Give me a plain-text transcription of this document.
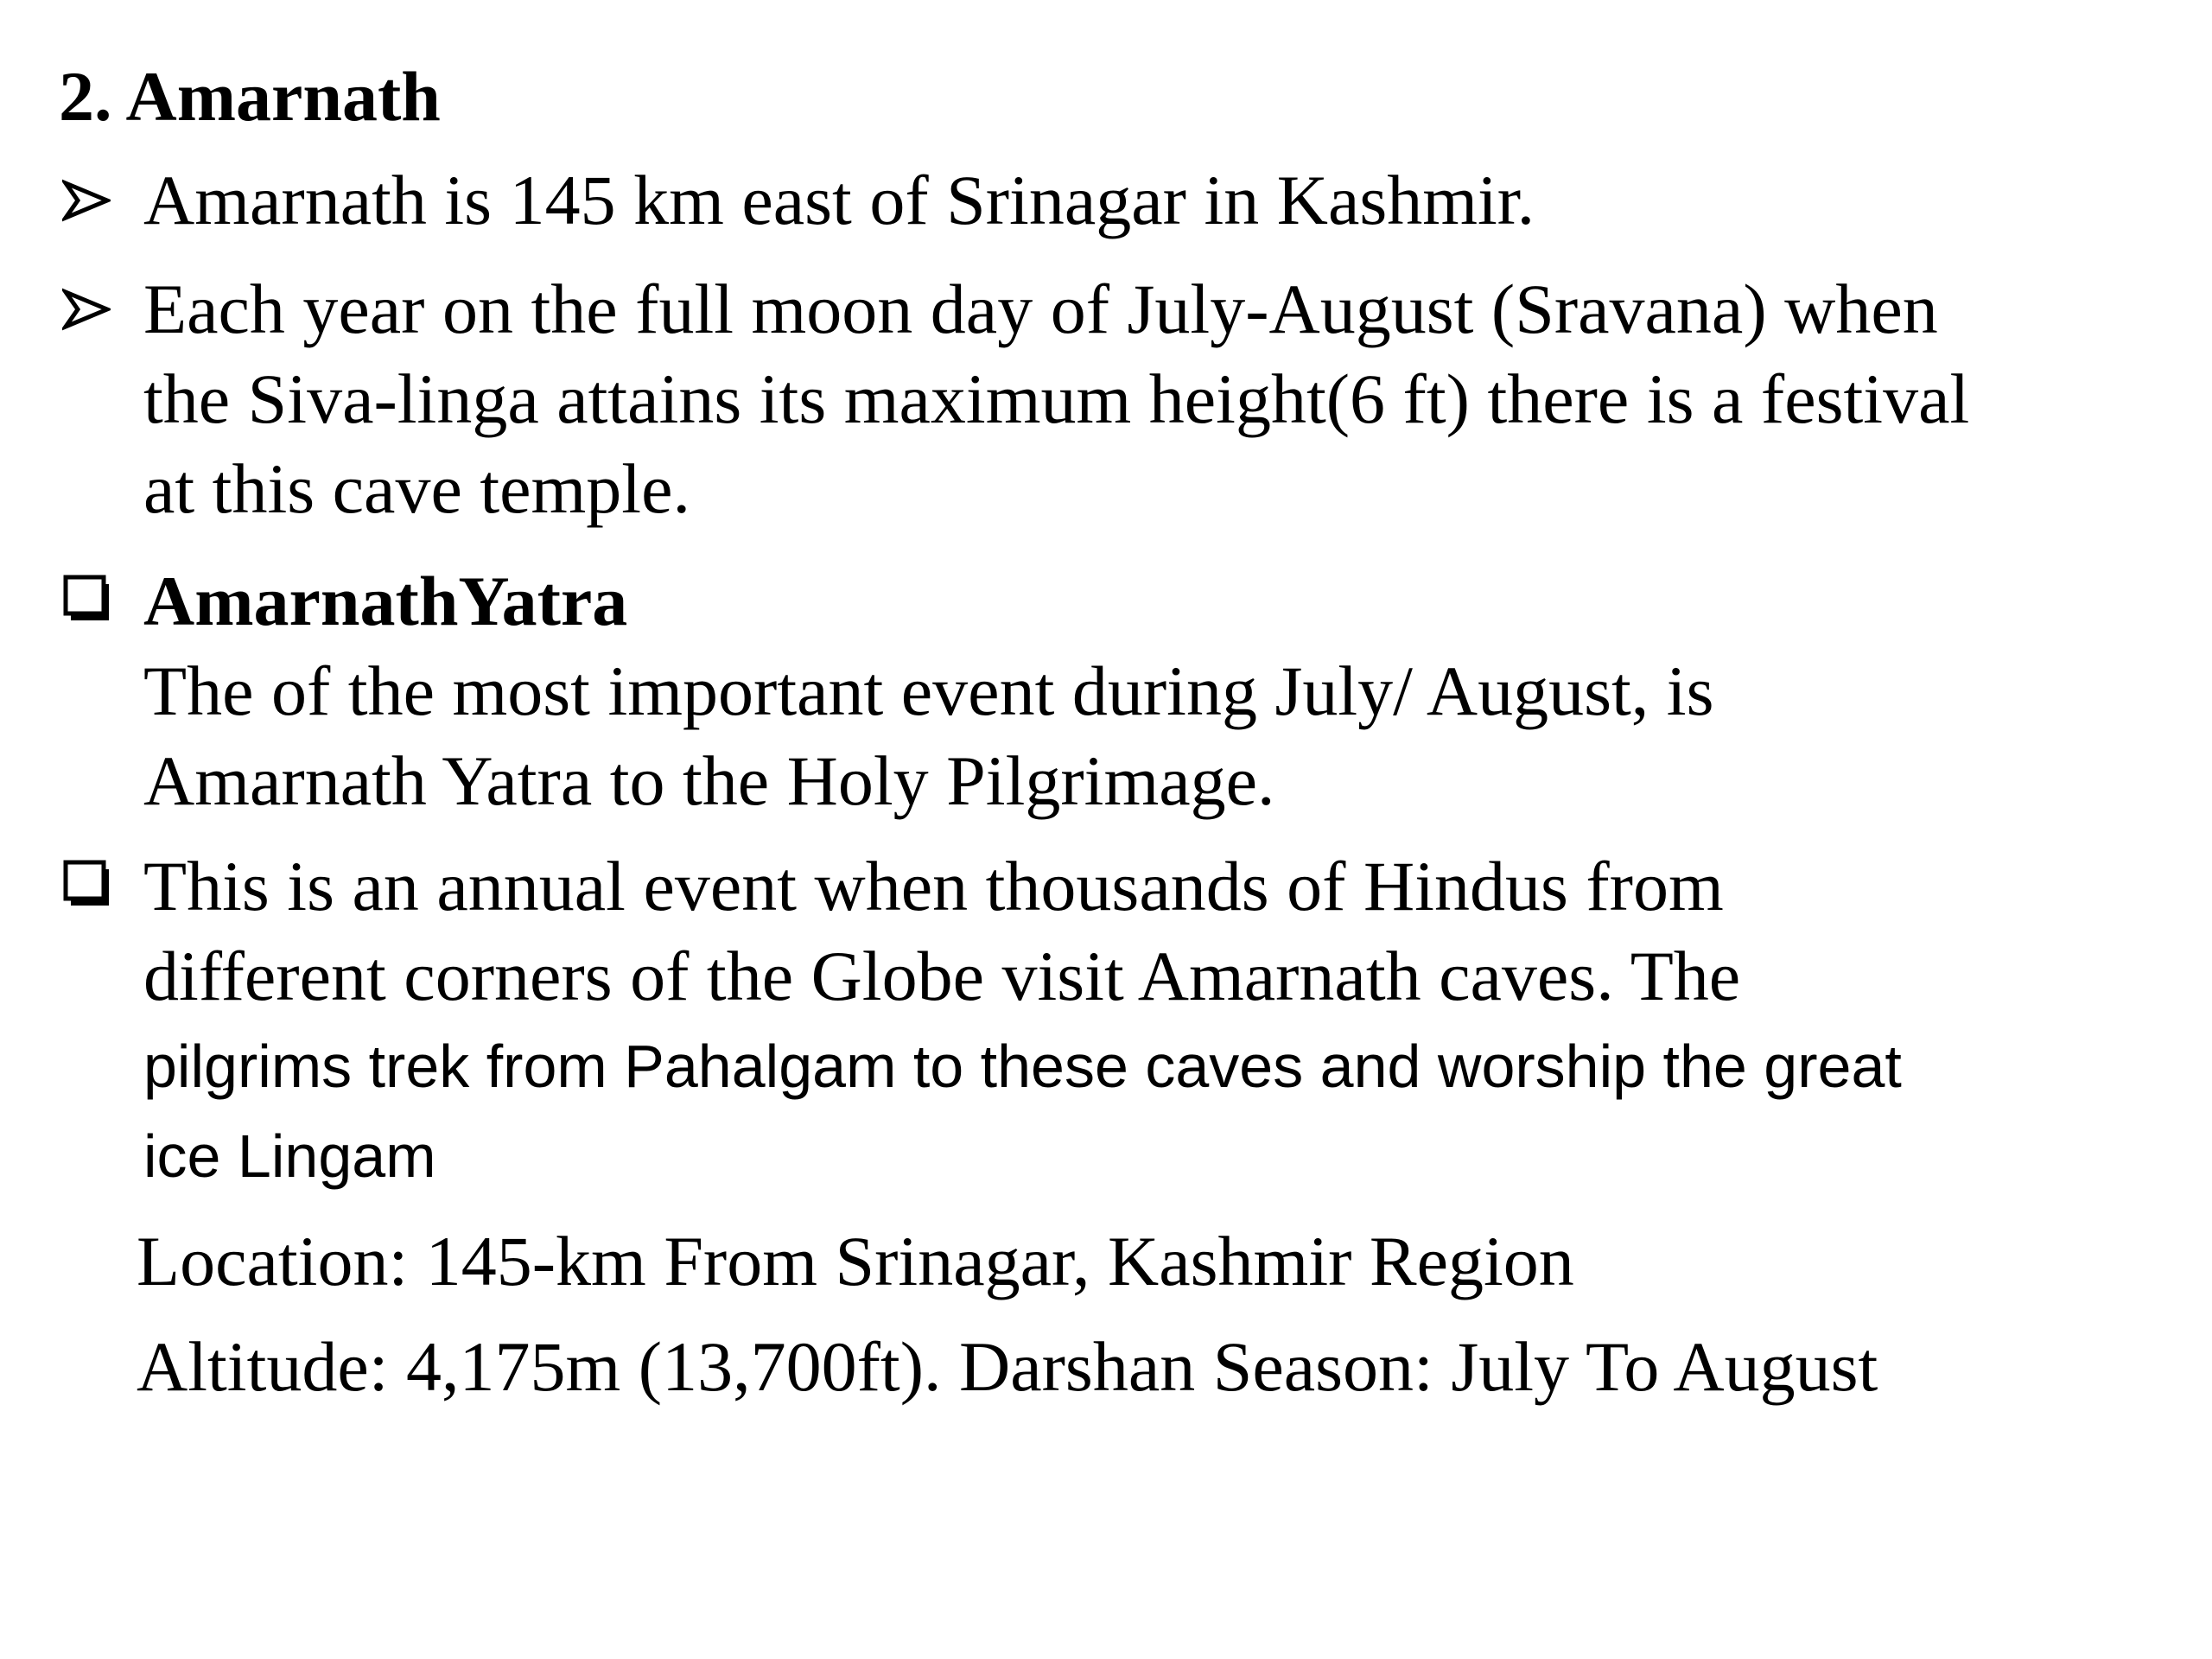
2. Amarnath
Amarnath is 145 km east of Srinagar in Kashmir.
Each year on the full moon day of July-August (Sravana) when
the Siva-linga attains its maximum height(6 ft) there is a festival
at this cave temple.
AmarnathYatra
The of the most important event during July/ August, is
Amarnath Yatra to the Holy Pilgrimage.
This is an annual event when thousands of Hindus from
different corners of the Globe visit Amarnath caves. The
pilgrims trek from Pahalgam to these caves and worship the great
ice Lingam
Location: 145-km From Srinagar, Kashmir Region
Altitude: 4,175m (13,700ft). Darshan Season: July To August
